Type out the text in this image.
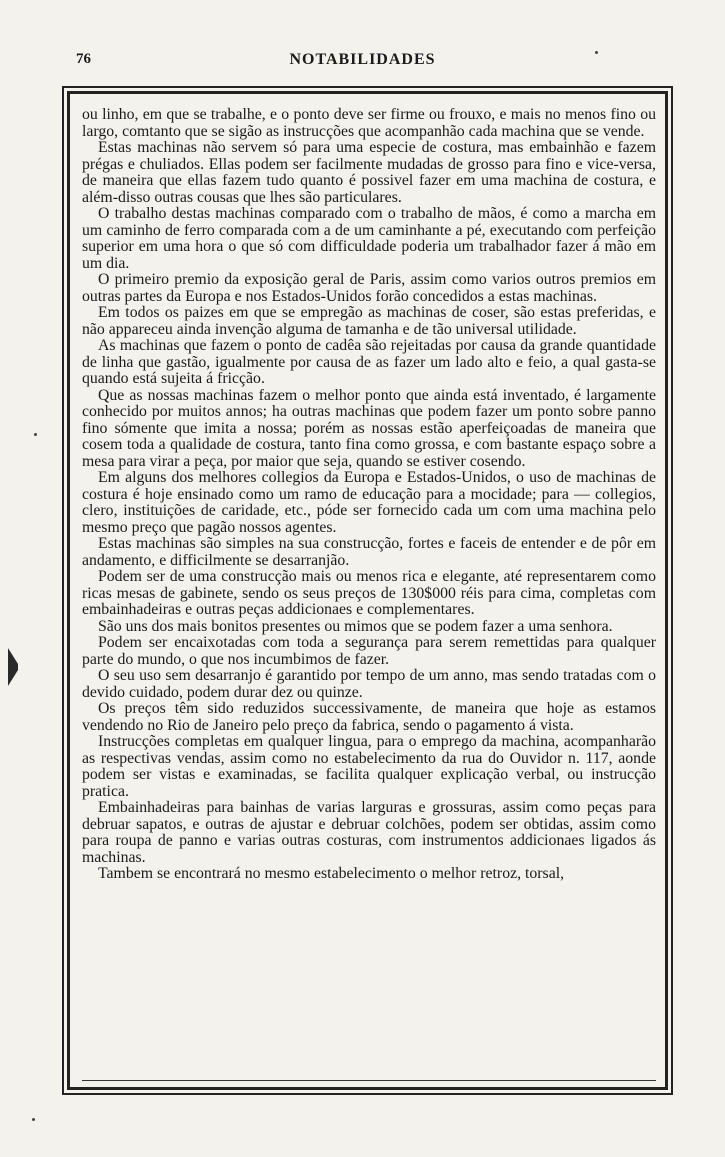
76	NOTABILIDADES

ou linho, em que se trabalhe, e o ponto deve ser firme ou frouxo, e mais no menos fino ou largo, comtanto que se sigão as instrucções que acompanhão cada machina que se vende.

Estas machinas não servem só para uma especie de costura, mas embainhão e fazem prégas e chuliados. Ellas podem ser facilmente mudadas de grosso para fino e vice-versa, de maneira que ellas fazem tudo quanto é possivel fazer em uma machina de costura, e além-disso outras cousas que lhes são particulares.

O trabalho destas machinas comparado com o trabalho de mãos, é como a marcha em um caminho de ferro comparada com a de um caminhante a pé, executando com perfeição superior em uma hora o que só com difficuldade poderia um trabalhador fazer á mão em um dia.

O primeiro premio da exposição geral de Paris, assim como varios outros premios em outras partes da Europa e nos Estados-Unidos forão concedidos a estas machinas.

Em todos os paizes em que se empregão as machinas de coser, são estas preferidas, e não appareceu ainda invenção alguma de tamanha e de tão universal utilidade.

As machinas que fazem o ponto de cadêa são rejeitadas por causa da grande quantidade de linha que gastão, igualmente por causa de as fazer um lado alto e feio, a qual gasta-se quando está sujeita á fricção.

Que as nossas machinas fazem o melhor ponto que ainda está inventado, é largamente conhecido por muitos annos; ha outras machinas que podem fazer um ponto sobre panno fino sómente que imita a nossa; porém as nossas estão aperfeiçoadas de maneira que cosem toda a qualidade de costura, tanto fina como grossa, e com bastante espaço sobre a mesa para virar a peça, por maior que seja, quando se estiver cosendo.

Em alguns dos melhores collegios da Europa e Estados-Unidos, o uso de machinas de costura é hoje ensinado como um ramo de educação para a mocidade; para — collegios, clero, instituições de caridade, etc., póde ser fornecido cada um com uma machina pelo mesmo preço que pagão nossos agentes.

Estas machinas são simples na sua construcção, fortes e faceis de entender e de pôr em andamento, e difficilmente se desarranjão.

Podem ser de uma construcção mais ou menos rica e elegante, até representarem como ricas mesas de gabinete, sendo os seus preços de 130$000 réis para cima, completas com embainhadeiras e outras peças addicionaes e complementares.

São uns dos mais bonitos presentes ou mimos que se podem fazer a uma senhora.

Podem ser encaixotadas com toda a segurança para serem remettidas para qualquer parte do mundo, o que nos incumbimos de fazer.

O seu uso sem desarranjo é garantido por tempo de um anno, mas sendo tratadas com o devido cuidado, podem durar dez ou quinze.

Os preços têm sido reduzidos successivamente, de maneira que hoje as estamos vendendo no Rio de Janeiro pelo preço da fabrica, sendo o pagamento á vista.

Instrucções completas em qualquer lingua, para o emprego da machina, acompanharão as respectivas vendas, assim como no estabelecimento da rua do Ouvidor n. 117, aonde podem ser vistas e examinadas, se facilita qualquer explicação verbal, ou instrucção pratica.

Embainhadeiras para bainhas de varias larguras e grossuras, assim como peças para debruar sapatos, e outras de ajustar e debruar colchões, podem ser obtidas, assim como para roupa de panno e varias outras costuras, com instrumentos addicionaes ligados ás machinas.

Tambem se encontrará no mesmo estabelecimento o melhor retroz, torsal,
